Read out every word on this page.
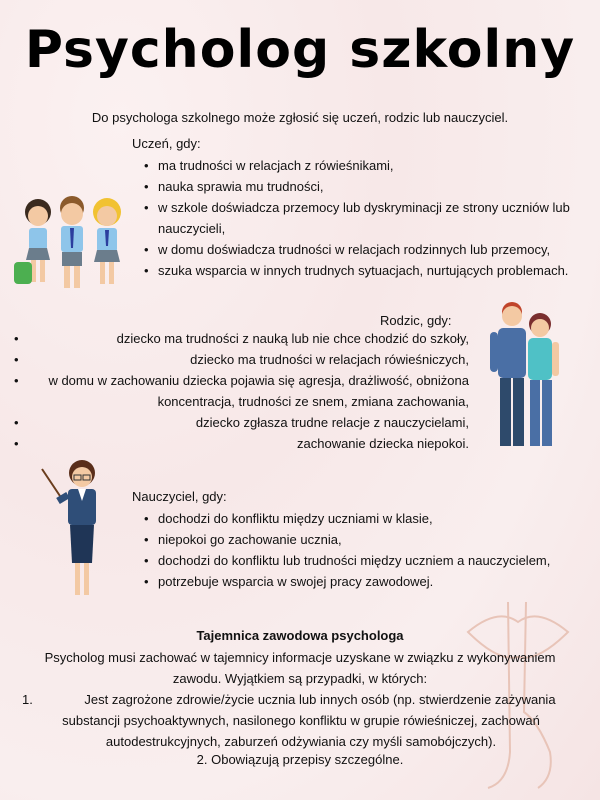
Psycholog szkolny
Do psychologa szkolnego może zgłosić się uczeń, rodzic lub nauczyciel.
Uczeń, gdy:
• ma trudności w relacjach z rówieśnikami,
• nauka sprawia mu trudności,
• w szkole doświadcza przemocy lub dyskryminacji ze strony uczniów lub nauczycieli,
• w domu doświadcza trudności w relacjach rodzinnych lub przemocy,
• szuka wsparcia w innych trudnych sytuacjach, nurtujących problemach.
Rodzic, gdy:
•	dziecko ma trudności z nauką lub nie chce chodzić do szkoły,
•	dziecko ma trudności w relacjach rówieśniczych,
•	w domu w zachowaniu dziecka pojawia się agresja, drażliwość, obniżona koncentracja, trudności ze snem, zmiana zachowania,
•	dziecko zgłasza trudne relacje z nauczycielami,
•	zachowanie dziecka niepokoi.
Nauczyciel, gdy:
• dochodzi do konfliktu między uczniami w klasie,
• niepokoi go zachowanie ucznia,
• dochodzi do konfliktu lub trudności między uczniem a nauczycielem,
• potrzebuje wsparcia w swojej pracy zawodowej.
Tajemnica zawodowa psychologa
Psycholog musi zachować w tajemnicy informacje uzyskane w związku z wykonywaniem zawodu. Wyjątkiem są przypadki, w których:
1.	Jest zagrożone zdrowie/życie ucznia lub innych osób (np. stwierdzenie zażywania substancji psychoaktywnych, nasilonego konfliktu w grupie rówieśniczej, zachowań autodestrukcyjnych, zaburzeń odżywiania czy myśli samobójczych).
2. Obowiązują przepisy szczególne.
